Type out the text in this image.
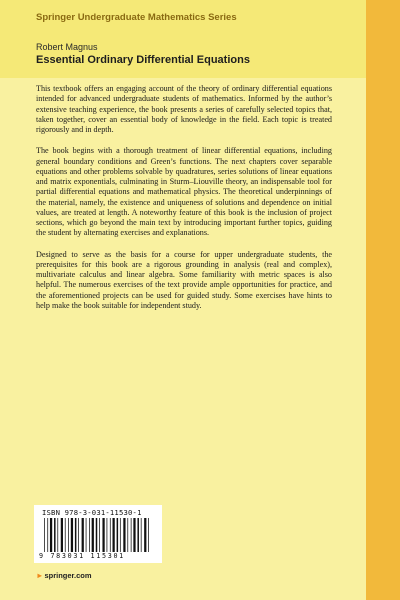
Springer Undergraduate Mathematics Series
Robert Magnus
Essential Ordinary Differential Equations

This textbook offers an engaging account of the theory of ordinary differential equations intended for advanced undergraduate students of mathematics. Informed by the author’s extensive teaching experience, the book presents a series of carefully selected topics that, taken together, cover an essential body of knowledge in the field. Each topic is treated rigorously and in depth.

The book begins with a thorough treatment of linear differential equations, including general boundary conditions and Green’s functions. The next chapters cover separable equations and other problems solvable by quadratures, series solutions of linear equations and matrix exponentials, culminating in Sturm–Liouville theory, an indispensable tool for partial differential equations and mathematical physics. The theoretical underpinnings of the material, namely, the existence and uniqueness of solutions and dependence on initial values, are treated at length. A noteworthy feature of this book is the inclusion of project sections, which go beyond the main text by introducing important further topics, guiding the student by alternating exercises and explanations.

Designed to serve as the basis for a course for upper undergraduate students, the prerequisites for this book are a rigorous grounding in analysis (real and complex), multivariate calculus and linear algebra. Some familiarity with metric spaces is also helpful. The numerous exercises of the text provide ample opportunities for practice, and the aforementioned projects can be used for guided study. Some exercises have hints to help make the book suitable for independent study.

ISBN 978-3-031-11530-1
9 783031 115301
►springer.com
